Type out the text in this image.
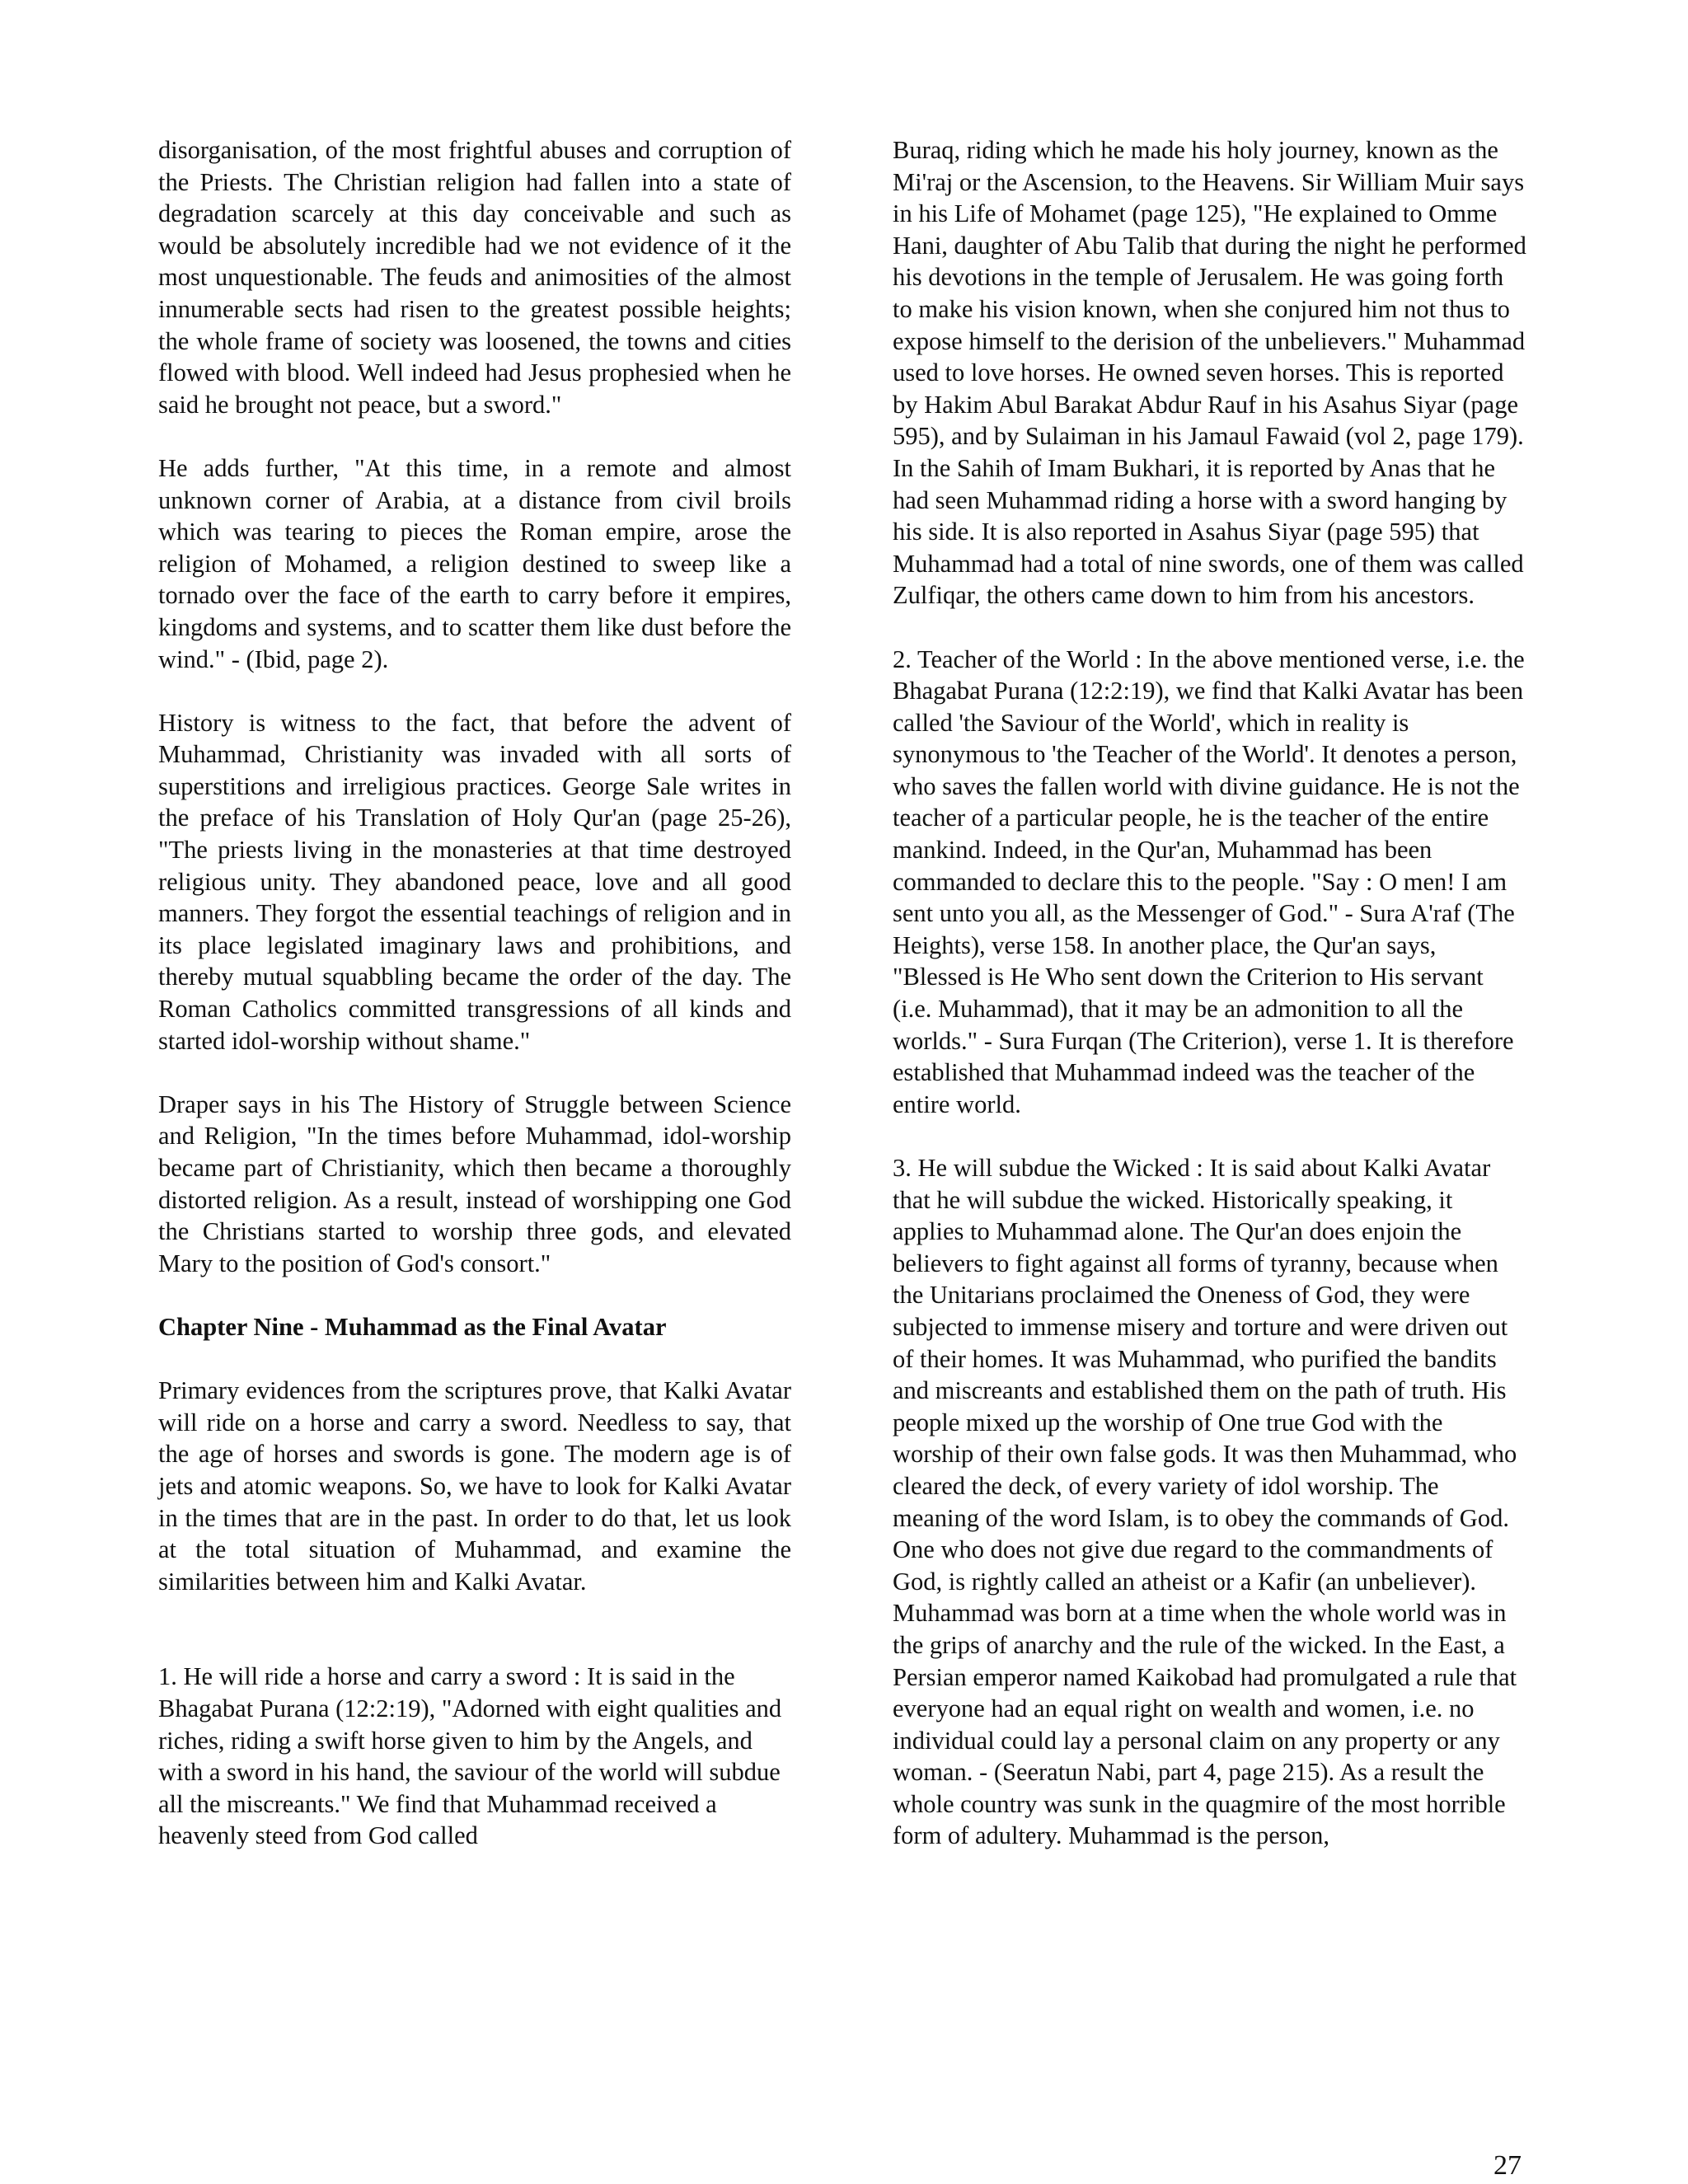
disorganisation, of the most frightful abuses and corruption of the Priests. The Christian religion had fallen into a state of degradation scarcely at this day conceivable and such as would be absolutely incredible had we not evidence of it the most unquestionable. The feuds and animosities of the almost innumerable sects had risen to the greatest possible heights; the whole frame of society was loosened, the towns and cities flowed with blood. Well indeed had Jesus prophesied when he said he brought not peace, but a sword."

He adds further, "At this time, in a remote and almost unknown corner of Arabia, at a distance from civil broils which was tearing to pieces the Roman empire, arose the religion of Mohamed, a religion destined to sweep like a tornado over the face of the earth to carry before it empires, kingdoms and systems, and to scatter them like dust before the wind." - (Ibid, page 2).

History is witness to the fact, that before the advent of Muhammad, Christianity was invaded with all sorts of superstitions and irreligious practices. George Sale writes in the preface of his Translation of Holy Qur'an (page 25-26), "The priests living in the monasteries at that time destroyed religious unity. They abandoned peace, love and all good manners. They forgot the essential teachings of religion and in its place legislated imaginary laws and prohibitions, and thereby mutual squabbling became the order of the day. The Roman Catholics committed transgressions of all kinds and started idol-worship without shame."

Draper says in his The History of Struggle between Science and Religion, "In the times before Muhammad, idol-worship became part of Christianity, which then became a thoroughly distorted religion. As a result, instead of worshipping one God the Christians started to worship three gods, and elevated Mary to the position of God's consort."

Chapter Nine - Muhammad as the Final Avatar

Primary evidences from the scriptures prove, that Kalki Avatar will ride on a horse and carry a sword. Needless to say, that the age of horses and swords is gone. The modern age is of jets and atomic weapons. So, we have to look for Kalki Avatar in the times that are in the past. In order to do that, let us look at the total situation of Muhammad, and examine the similarities between him and Kalki Avatar.

1. He will ride a horse and carry a sword : It is said in the Bhagabat Purana (12:2:19), "Adorned with eight qualities and riches, riding a swift horse given to him by the Angels, and with a sword in his hand, the saviour of the world will subdue all the miscreants." We find that Muhammad received a heavenly steed from God called

Buraq, riding which he made his holy journey, known as the Mi'raj or the Ascension, to the Heavens. Sir William Muir says in his Life of Mohamet (page 125), "He explained to Omme Hani, daughter of Abu Talib that during the night he performed his devotions in the temple of Jerusalem. He was going forth to make his vision known, when she conjured him not thus to expose himself to the derision of the unbelievers." Muhammad used to love horses. He owned seven horses. This is reported by Hakim Abul Barakat Abdur Rauf in his Asahus Siyar (page 595), and by Sulaiman in his Jamaul Fawaid (vol 2, page 179). In the Sahih of Imam Bukhari, it is reported by Anas that he had seen Muhammad riding a horse with a sword hanging by his side. It is also reported in Asahus Siyar (page 595) that Muhammad had a total of nine swords, one of them was called Zulfiqar, the others came down to him from his ancestors.

2. Teacher of the World : In the above mentioned verse, i.e. the Bhagabat Purana (12:2:19), we find that Kalki Avatar has been called 'the Saviour of the World', which in reality is synonymous to 'the Teacher of the World'. It denotes a person, who saves the fallen world with divine guidance. He is not the teacher of a particular people, he is the teacher of the entire mankind. Indeed, in the Qur'an, Muhammad has been commanded to declare this to the people. "Say : O men! I am sent unto you all, as the Messenger of God." - Sura A'raf (The Heights), verse 158. In another place, the Qur'an says, "Blessed is He Who sent down the Criterion to His servant (i.e. Muhammad), that it may be an admonition to all the worlds." - Sura Furqan (The Criterion), verse 1. It is therefore established that Muhammad indeed was the teacher of the entire world.

3. He will subdue the Wicked : It is said about Kalki Avatar that he will subdue the wicked. Historically speaking, it applies to Muhammad alone. The Qur'an does enjoin the believers to fight against all forms of tyranny, because when the Unitarians proclaimed the Oneness of God, they were subjected to immense misery and torture and were driven out of their homes. It was Muhammad, who purified the bandits and miscreants and established them on the path of truth. His people mixed up the worship of One true God with the worship of their own false gods. It was then Muhammad, who cleared the deck, of every variety of idol worship. The meaning of the word Islam, is to obey the commands of God. One who does not give due regard to the commandments of God, is rightly called an atheist or a Kafir (an unbeliever). Muhammad was born at a time when the whole world was in the grips of anarchy and the rule of the wicked. In the East, a Persian emperor named Kaikobad had promulgated a rule that everyone had an equal right on wealth and women, i.e. no individual could lay a personal claim on any property or any woman. - (Seeratun Nabi, part 4, page 215). As a result the whole country was sunk in the quagmire of the most horrible form of adultery. Muhammad is the person,

27
